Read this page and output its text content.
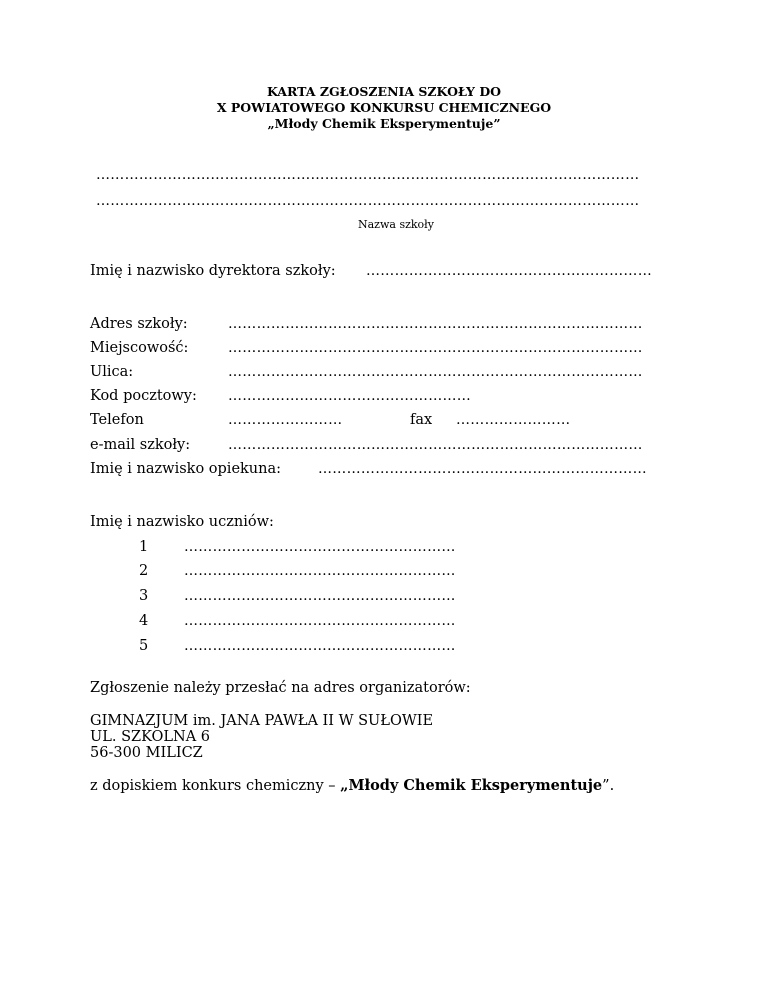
KARTA ZGŁOSZENIA SZKOŁY DO
X POWIATOWEGO KONKURSU CHEMICZNEGO
„Młody Chemik Eksperymentuje”
……………………………………………………………………………………………………
……………………………………………………………………………………………………
Nazwa szkoły
Imię i nazwisko dyrektora szkoły: ……………………………………………………
Adres szkoły:	……………………………………………………………………………
Miejscowość:	……………………………………………………………………………
Ulica:	……………………………………………………………………………
Kod pocztowy: ……………………………………………
Telefon	……………………	fax ……………………
e-mail szkoły:	……………………………………………………………………………
Imię i nazwisko opiekuna:	……………………………………………………………
Imię i nazwisko uczniów:
1	…………………………………………………
2	…………………………………………………
3	…………………………………………………
4	…………………………………………………
5	…………………………………………………
Zgłoszenie należy przesłać na adres organizatorów:
GIMNAZJUM im. JANA PAWŁA II W SUŁOWIE
UL. SZKOLNA 6
56-300 MILICZ
z dopiskiem konkurs chemiczny – „Młody Chemik Eksperymentuje”.
